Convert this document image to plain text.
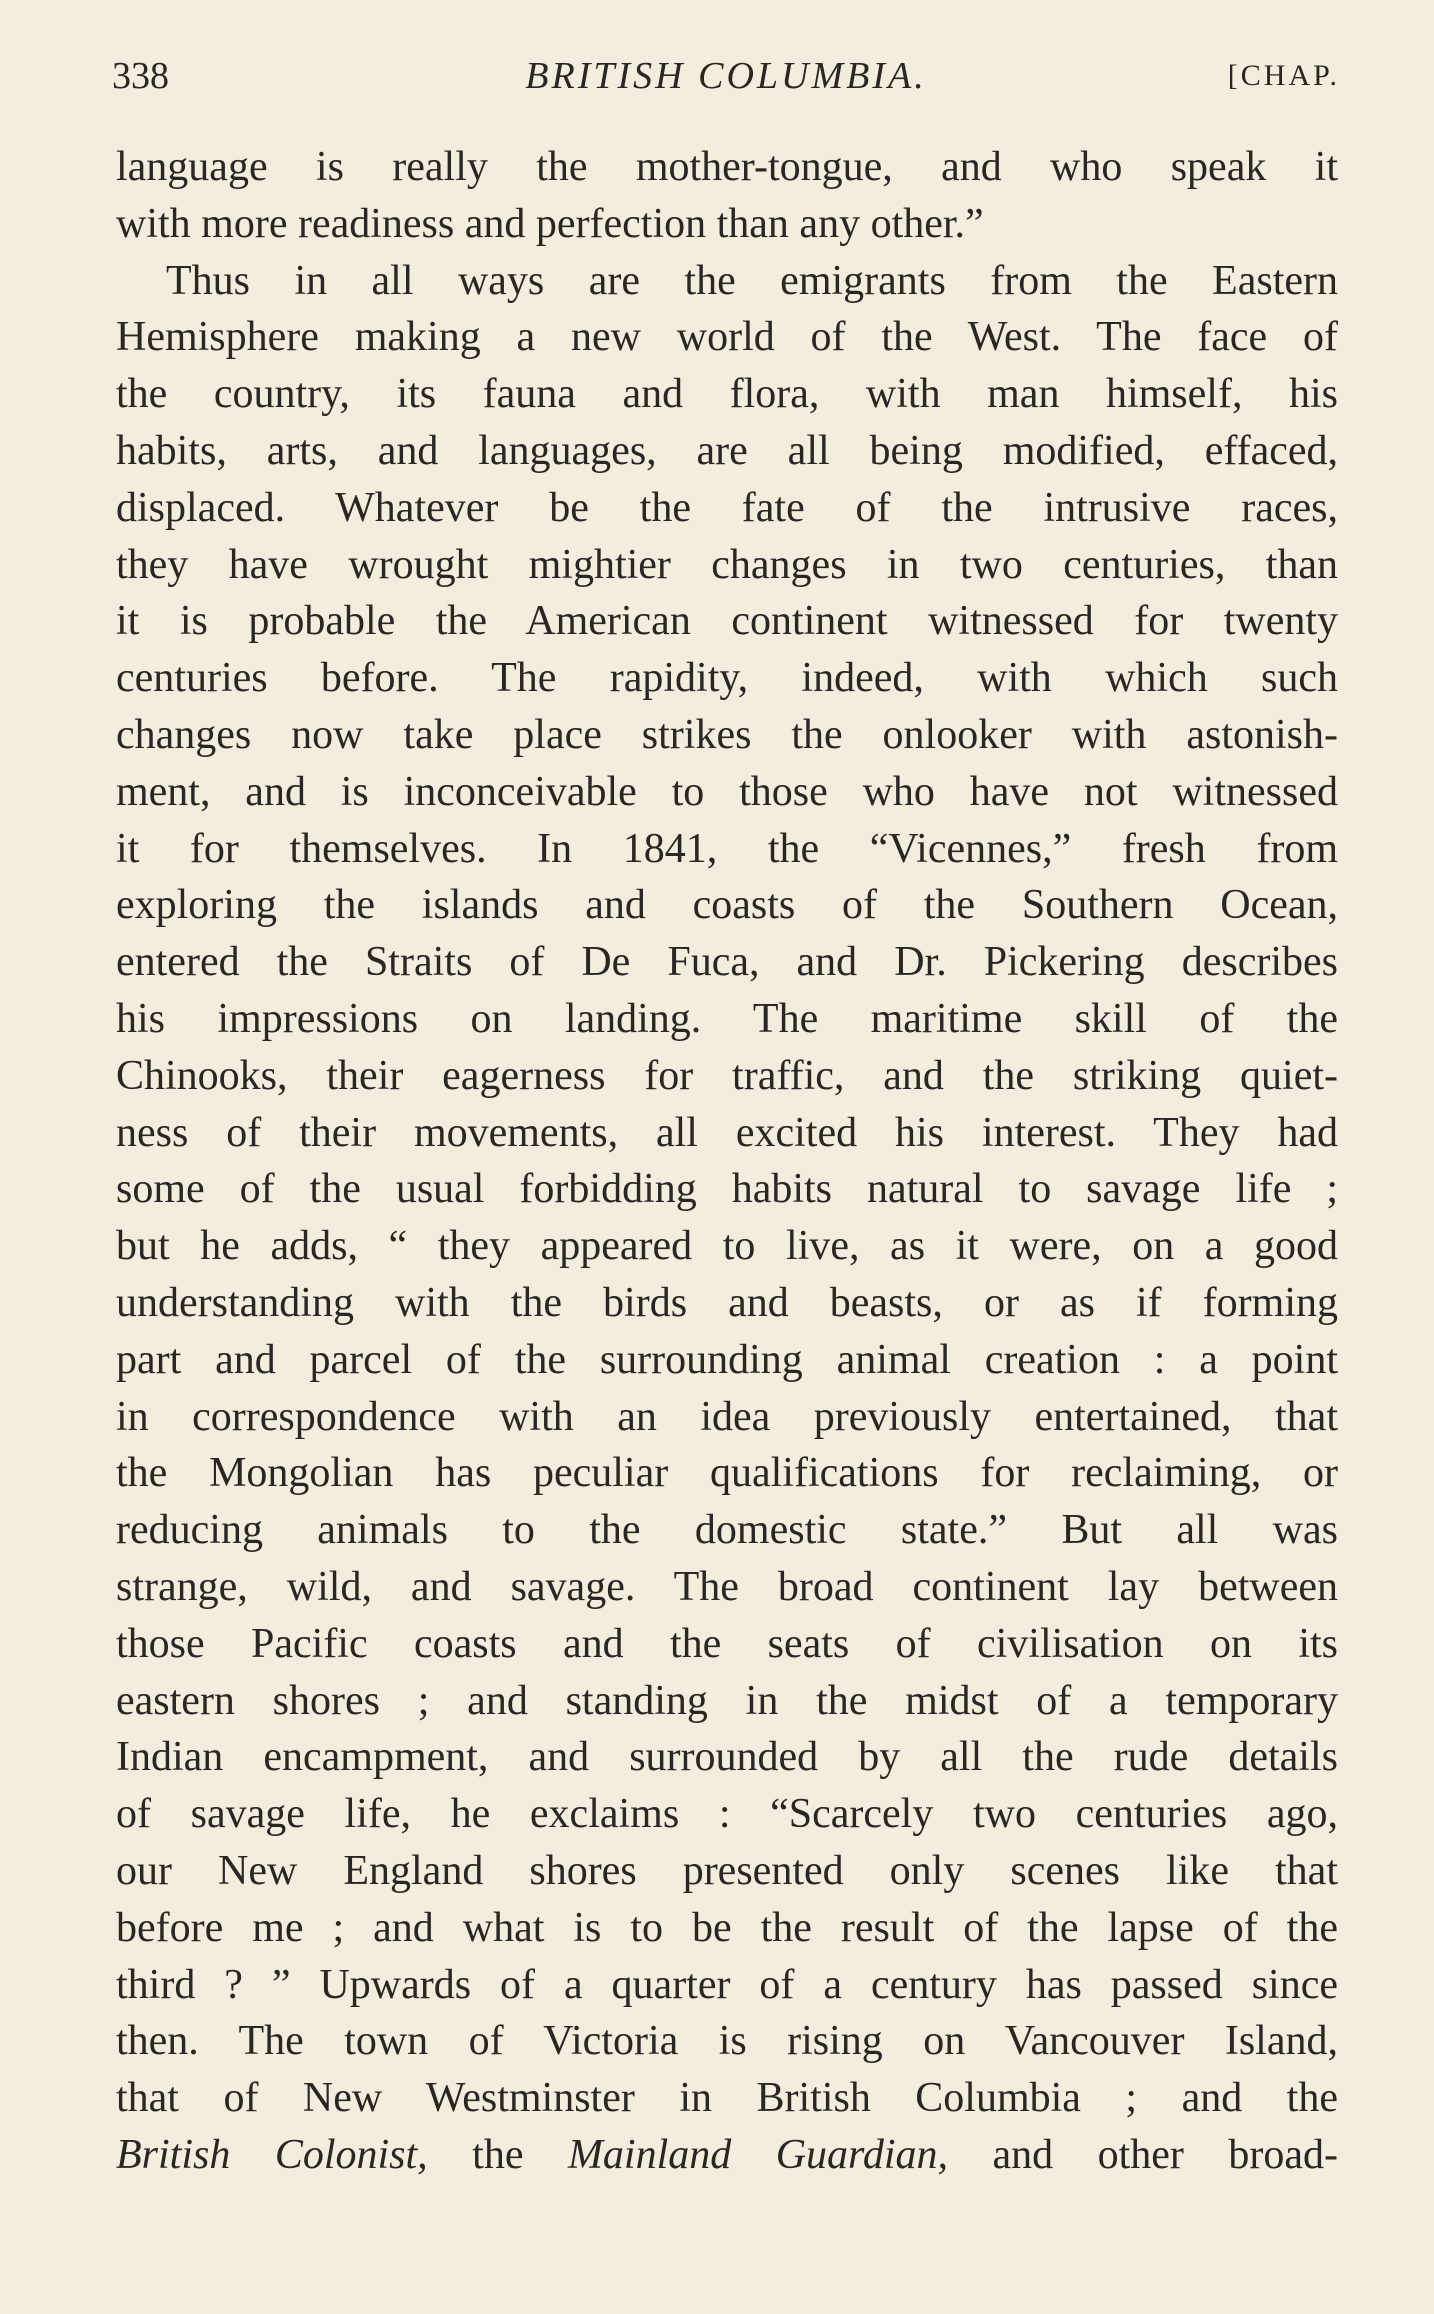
338	BRITISH COLUMBIA.	[CHAP.
language is really the mother-tongue, and who speak it
with more readiness and perfection than any other.”
Thus in all ways are the emigrants from the Eastern
Hemisphere making a new world of the West. The face of
the country, its fauna and flora, with man himself, his
habits, arts, and languages, are all being modified, effaced,
displaced. Whatever be the fate of the intrusive races,
they have wrought mightier changes in two centuries, than
it is probable the American continent witnessed for twenty
centuries before. The rapidity, indeed, with which such
changes now take place strikes the onlooker with astonish-
ment, and is inconceivable to those who have not witnessed
it for themselves. In 1841, the “Vicennes,” fresh from
exploring the islands and coasts of the Southern Ocean,
entered the Straits of De Fuca, and Dr. Pickering describes
his impressions on landing. The maritime skill of the
Chinooks, their eagerness for traffic, and the striking quiet-
ness of their movements, all excited his interest. They had
some of the usual forbidding habits natural to savage life ;
but he adds, “ they appeared to live, as it were, on a good
understanding with the birds and beasts, or as if forming
part and parcel of the surrounding animal creation : a point
in correspondence with an idea previously entertained, that
the Mongolian has peculiar qualifications for reclaiming, or
reducing animals to the domestic state.” But all was
strange, wild, and savage. The broad continent lay between
those Pacific coasts and the seats of civilisation on its
eastern shores ; and standing in the midst of a temporary
Indian encampment, and surrounded by all the rude details
of savage life, he exclaims : “Scarcely two centuries ago,
our New England shores presented only scenes like that
before me ; and what is to be the result of the lapse of the
third ? ” Upwards of a quarter of a century has passed since
then. The town of Victoria is rising on Vancouver Island,
that of New Westminster in British Columbia ; and the
British Colonist, the Mainland Guardian, and other broad-
